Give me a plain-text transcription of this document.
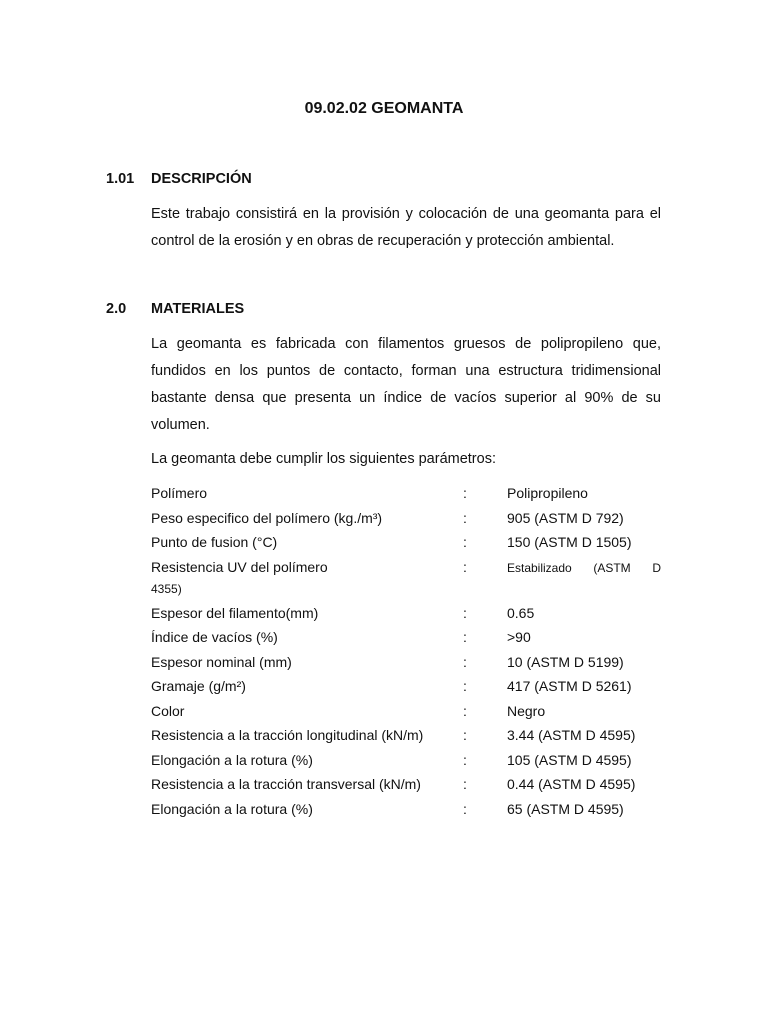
09.02.02 GEOMANTA
1.01 DESCRIPCIÓN
Este trabajo consistirá en la provisión y colocación de una geomanta para el control de la erosión y en obras de recuperación y protección ambiental.
2.0 MATERIALES
La geomanta es fabricada con filamentos gruesos de polipropileno que, fundidos en los puntos de contacto, forman una estructura tridimensional bastante densa que presenta un índice de vacíos superior al 90% de su volumen.
La geomanta debe cumplir los siguientes parámetros:
Polímero	:	Polipropileno
Peso especifico del polímero (kg./m³)	:	905 (ASTM D 792)
Punto de fusion (°C)	:	150 (ASTM D 1505)
Resistencia UV del polímero	:	Estabilizado (ASTM D
4355)
Espesor del filamento(mm)	:	0.65
Índice de vacíos (%)	:	>90
Espesor nominal (mm)	:	10 (ASTM D 5199)
Gramaje (g/m²)	:	417 (ASTM D 5261)
Color	:	Negro
Resistencia a la tracción longitudinal (kN/m)	:	3.44 (ASTM D 4595)
Elongación a la rotura (%)	:	105 (ASTM D 4595)
Resistencia a la tracción transversal (kN/m)	:	0.44 (ASTM D 4595)
Elongación a la rotura (%)	:	65 (ASTM D 4595)
